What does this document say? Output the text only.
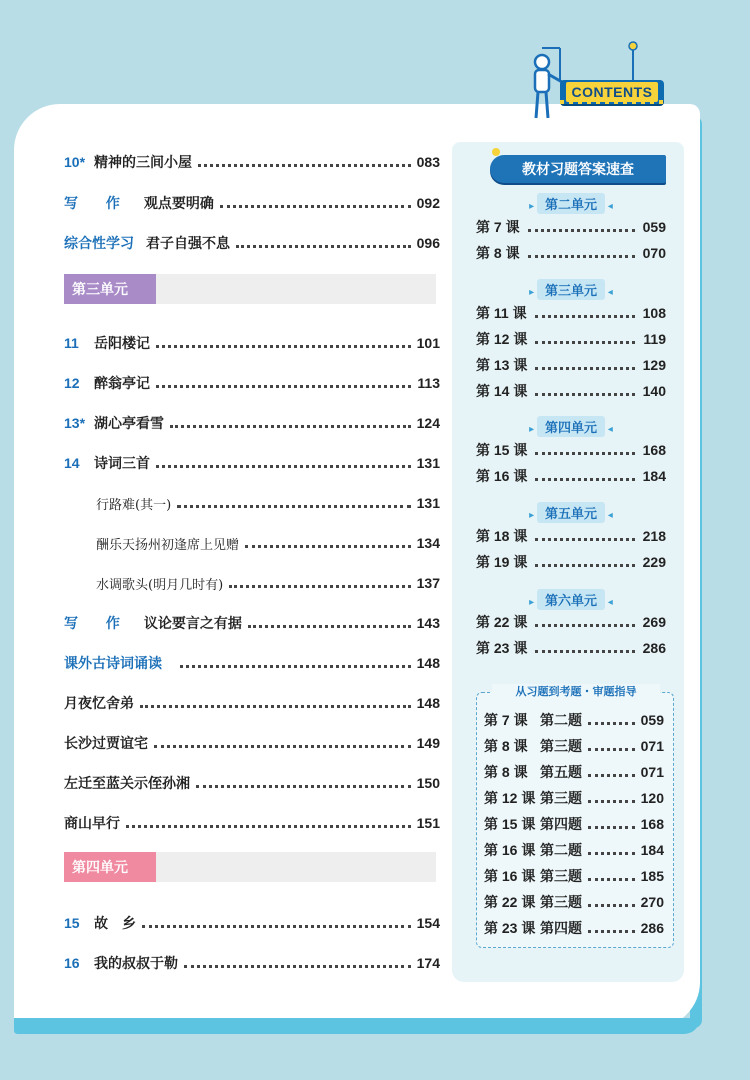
CONTENTS
10* 精神的三间小屋	083
写 作 观点要明确	092
综合性学习 君子自强不息	096
11	岳阳楼记	101
12	醉翁亭记	113
13* 湖心亭看雪	124
14	诗词三首	131
行路难(其一)	131
酬乐天扬州初逢席上见赠	134
水调歌头(明月几时有)	137
写 作 议论要言之有据	143
课外古诗词诵读	148
月夜忆舍弟	148
长沙过贾谊宅	149
左迁至蓝关示侄孙湘	150
商山早行	151
15	故　乡	154
16	我的叔叔于勒	174
第三单元
第四单元
教材习题答案速查
▸ 第二单元 ◂
▸ 第三单元 ◂
▸ 第四单元 ◂
▸ 第五单元 ◂
▸ 第六单元 ◂
第 7 课	059
第 8 课	070
第 11 课	108
第 12 课	119
第 13 课	129
第 14 课	140
第 15 课	168
第 16 课	184
第 18 课	218
第 19 课	229
第 22 课	269
第 23 课	286
从习题到考题・审题指导
第 7 课 第二题	059
第 8 课 第三题	071
第 8 课 第五题	071
第 12 课 第三题	120
第 15 课 第四题	168
第 16 课 第二题	184
第 16 课 第三题	185
第 22 课 第三题	270
第 23 课 第四题	286
